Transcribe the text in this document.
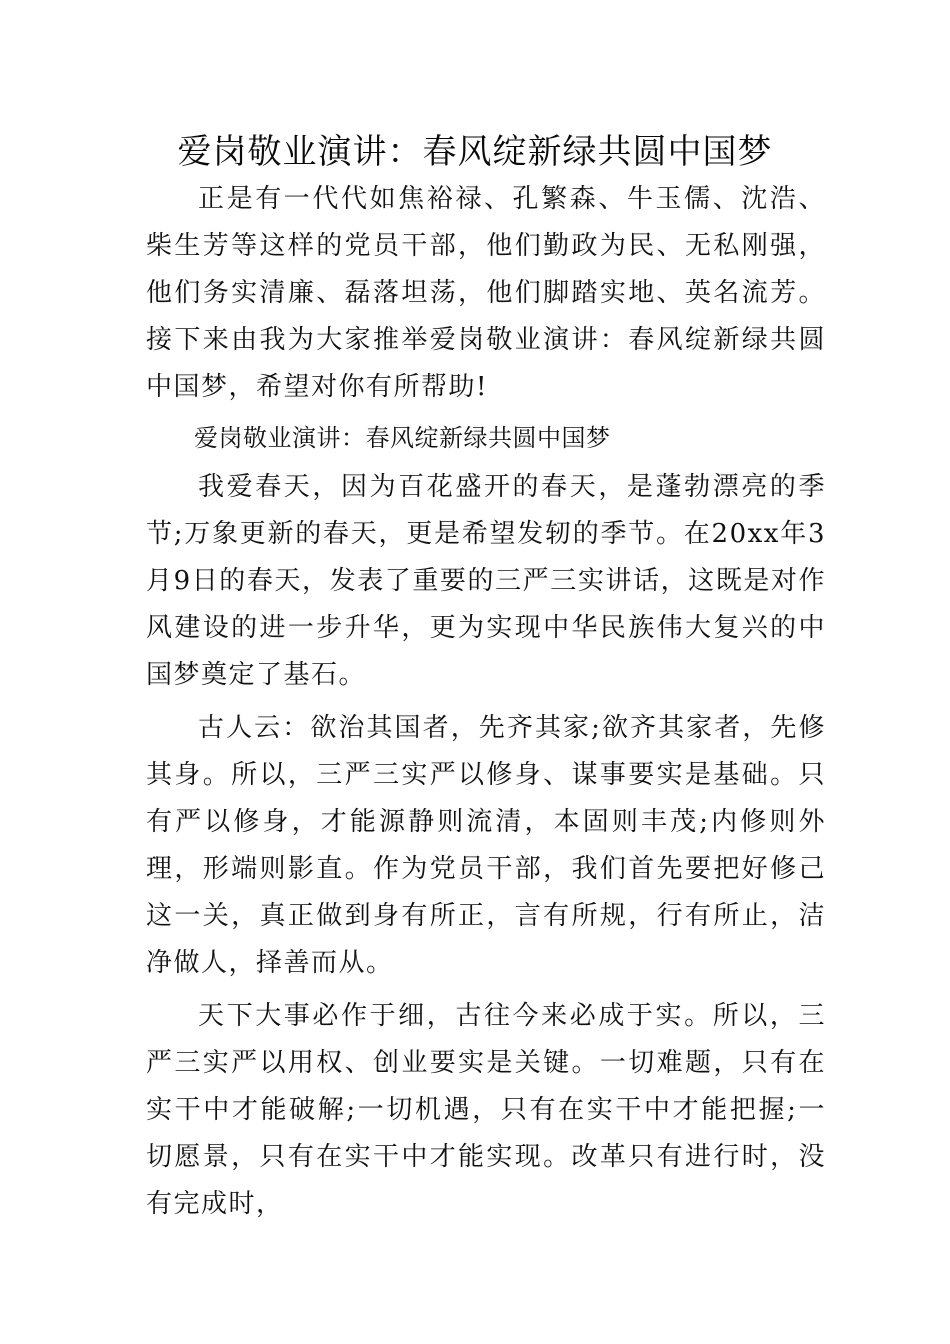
爱岗敬业演讲：春风绽新绿共圆中国梦

正是有一代代如焦裕禄、孔繁森、牛玉儒、沈浩、柴生芳等这样的党员干部，他们勤政为民、无私刚强，他们务实清廉、磊落坦荡，他们脚踏实地、英名流芳。接下来由我为大家推举爱岗敬业演讲：春风绽新绿共圆中国梦，希望对你有所帮助!

爱岗敬业演讲：春风绽新绿共圆中国梦

我爱春天，因为百花盛开的春天，是蓬勃漂亮的季节;万象更新的春天，更是希望发轫的季节。在20xx年3月9日的春天，发表了重要的三严三实讲话，这既是对作风建设的进一步升华，更为实现中华民族伟大复兴的中国梦奠定了基石。

古人云：欲治其国者，先齐其家;欲齐其家者，先修其身。所以，三严三实严以修身、谋事要实是基础。只有严以修身，才能源静则流清，本固则丰茂;内修则外理，形端则影直。作为党员干部，我们首先要把好修己这一关，真正做到身有所正，言有所规，行有所止，洁净做人，择善而从。

天下大事必作于细，古往今来必成于实。所以，三严三实严以用权、创业要实是关键。一切难题，只有在实干中才能破解;一切机遇，只有在实干中才能把握;一切愿景，只有在实干中才能实现。改革只有进行时，没有完成时，
